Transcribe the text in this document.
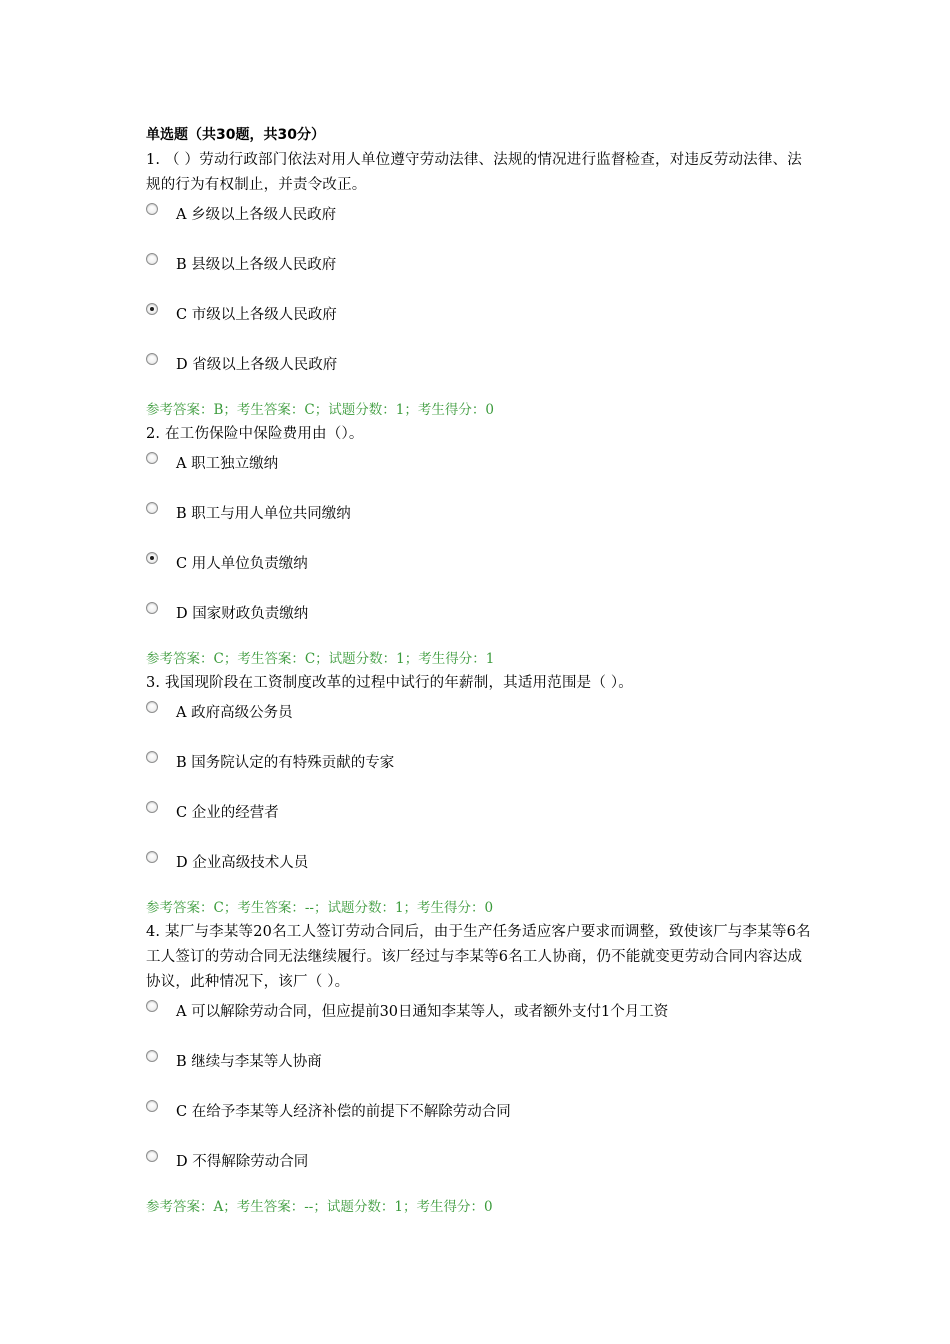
单选题（共30题，共30分）

1. （ ）劳动行政部门依法对用人单位遵守劳动法律、法规的情况进行监督检查，对违反劳动法律、法规的行为有权制止，并责令改正。

A 乡级以上各级人民政府
B 县级以上各级人民政府
C 市级以上各级人民政府
D 省级以上各级人民政府

参考答案：B；考生答案：C；试题分数：1；考生得分：0

2. 在工伤保险中保险费用由（）。

A 职工独立缴纳
B 职工与用人单位共同缴纳
C 用人单位负责缴纳
D 国家财政负责缴纳

参考答案：C；考生答案：C；试题分数：1；考生得分：1

3. 我国现阶段在工资制度改革的过程中试行的年薪制，其适用范围是（ ）。

A 政府高级公务员
B 国务院认定的有特殊贡献的专家
C 企业的经营者
D 企业高级技术人员

参考答案：C；考生答案：--；试题分数：1；考生得分：0

4. 某厂与李某等20名工人签订劳动合同后，由于生产任务适应客户要求而调整，致使该厂与李某等6名工人签订的劳动合同无法继续履行。该厂经过与李某等6名工人协商，仍不能就变更劳动合同内容达成协议，此种情况下，该厂（ ）。

A 可以解除劳动合同，但应提前30日通知李某等人，或者额外支付1个月工资
B 继续与李某等人协商
C 在给予李某等人经济补偿的前提下不解除劳动合同
D 不得解除劳动合同

参考答案：A；考生答案：--；试题分数：1；考生得分：0
